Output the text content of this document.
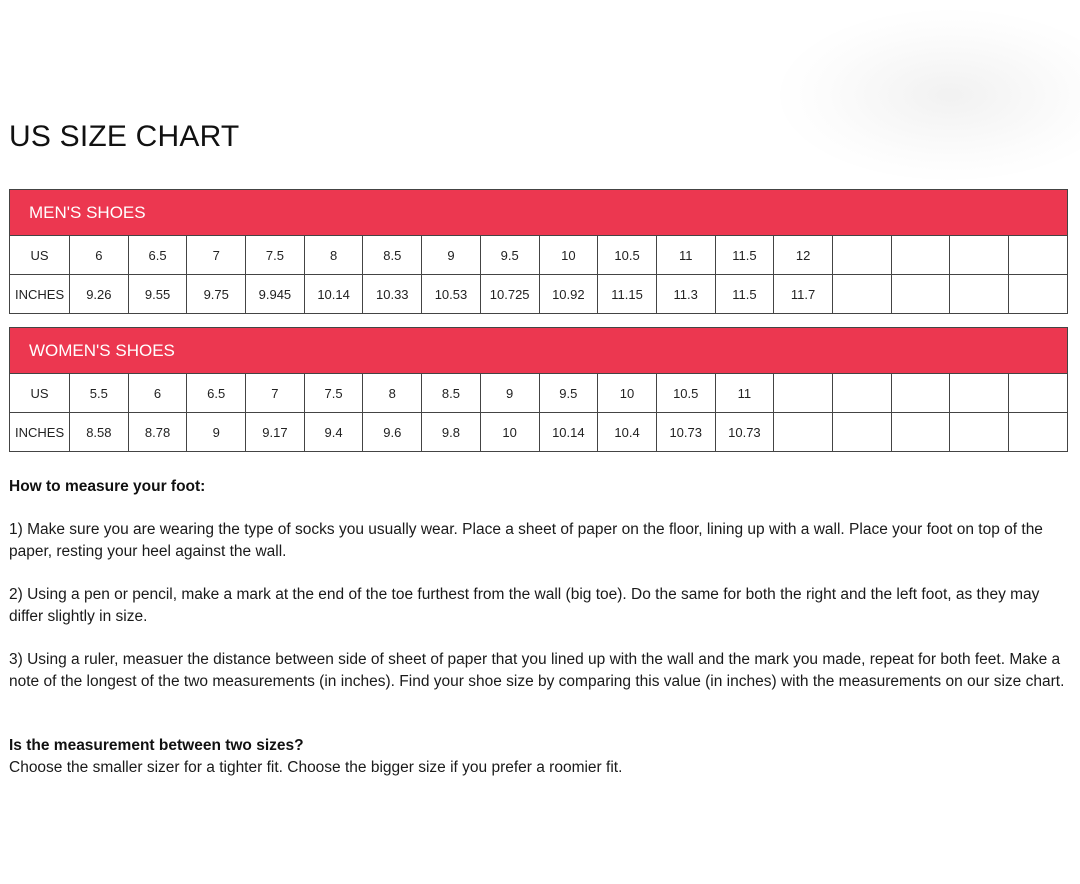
US SIZE CHART
MEN'S SHOES																	
US	6	6.5	7	7.5	8	8.5	9	9.5	10	10.5	11	11.5	12				
INCHES	9.26	9.55	9.75	9.945	10.14	10.33	10.53	10.725	10.92	11.15	11.3	11.5	11.7				
WOMEN'S SHOES																	
US	5.5	6	6.5	7	7.5	8	8.5	9	9.5	10	10.5	11					
INCHES	8.58	8.78	9	9.17	9.4	9.6	9.8	10	10.14	10.4	10.73	10.73					

How to measure your foot:

1) Make sure you are wearing the type of socks you usually wear. Place a sheet of paper on the floor, lining up with a wall. Place your foot on top of the paper, resting your heel against the wall.

2) Using a pen or pencil, make a mark at the end of the toe furthest from the wall (big toe). Do the same for both the right and the left foot, as they may differ slightly in size.

3) Using a ruler, measuer the distance between side of sheet of paper that you lined up with the wall and the mark you made, repeat for both feet. Make a note of the longest of the two measurements (in inches). Find your shoe size by comparing this value (in inches) with the measurements on our size chart.

Is the measurement between two sizes?

Choose the smaller sizer for a tighter fit. Choose the bigger size if you prefer a roomier fit.
